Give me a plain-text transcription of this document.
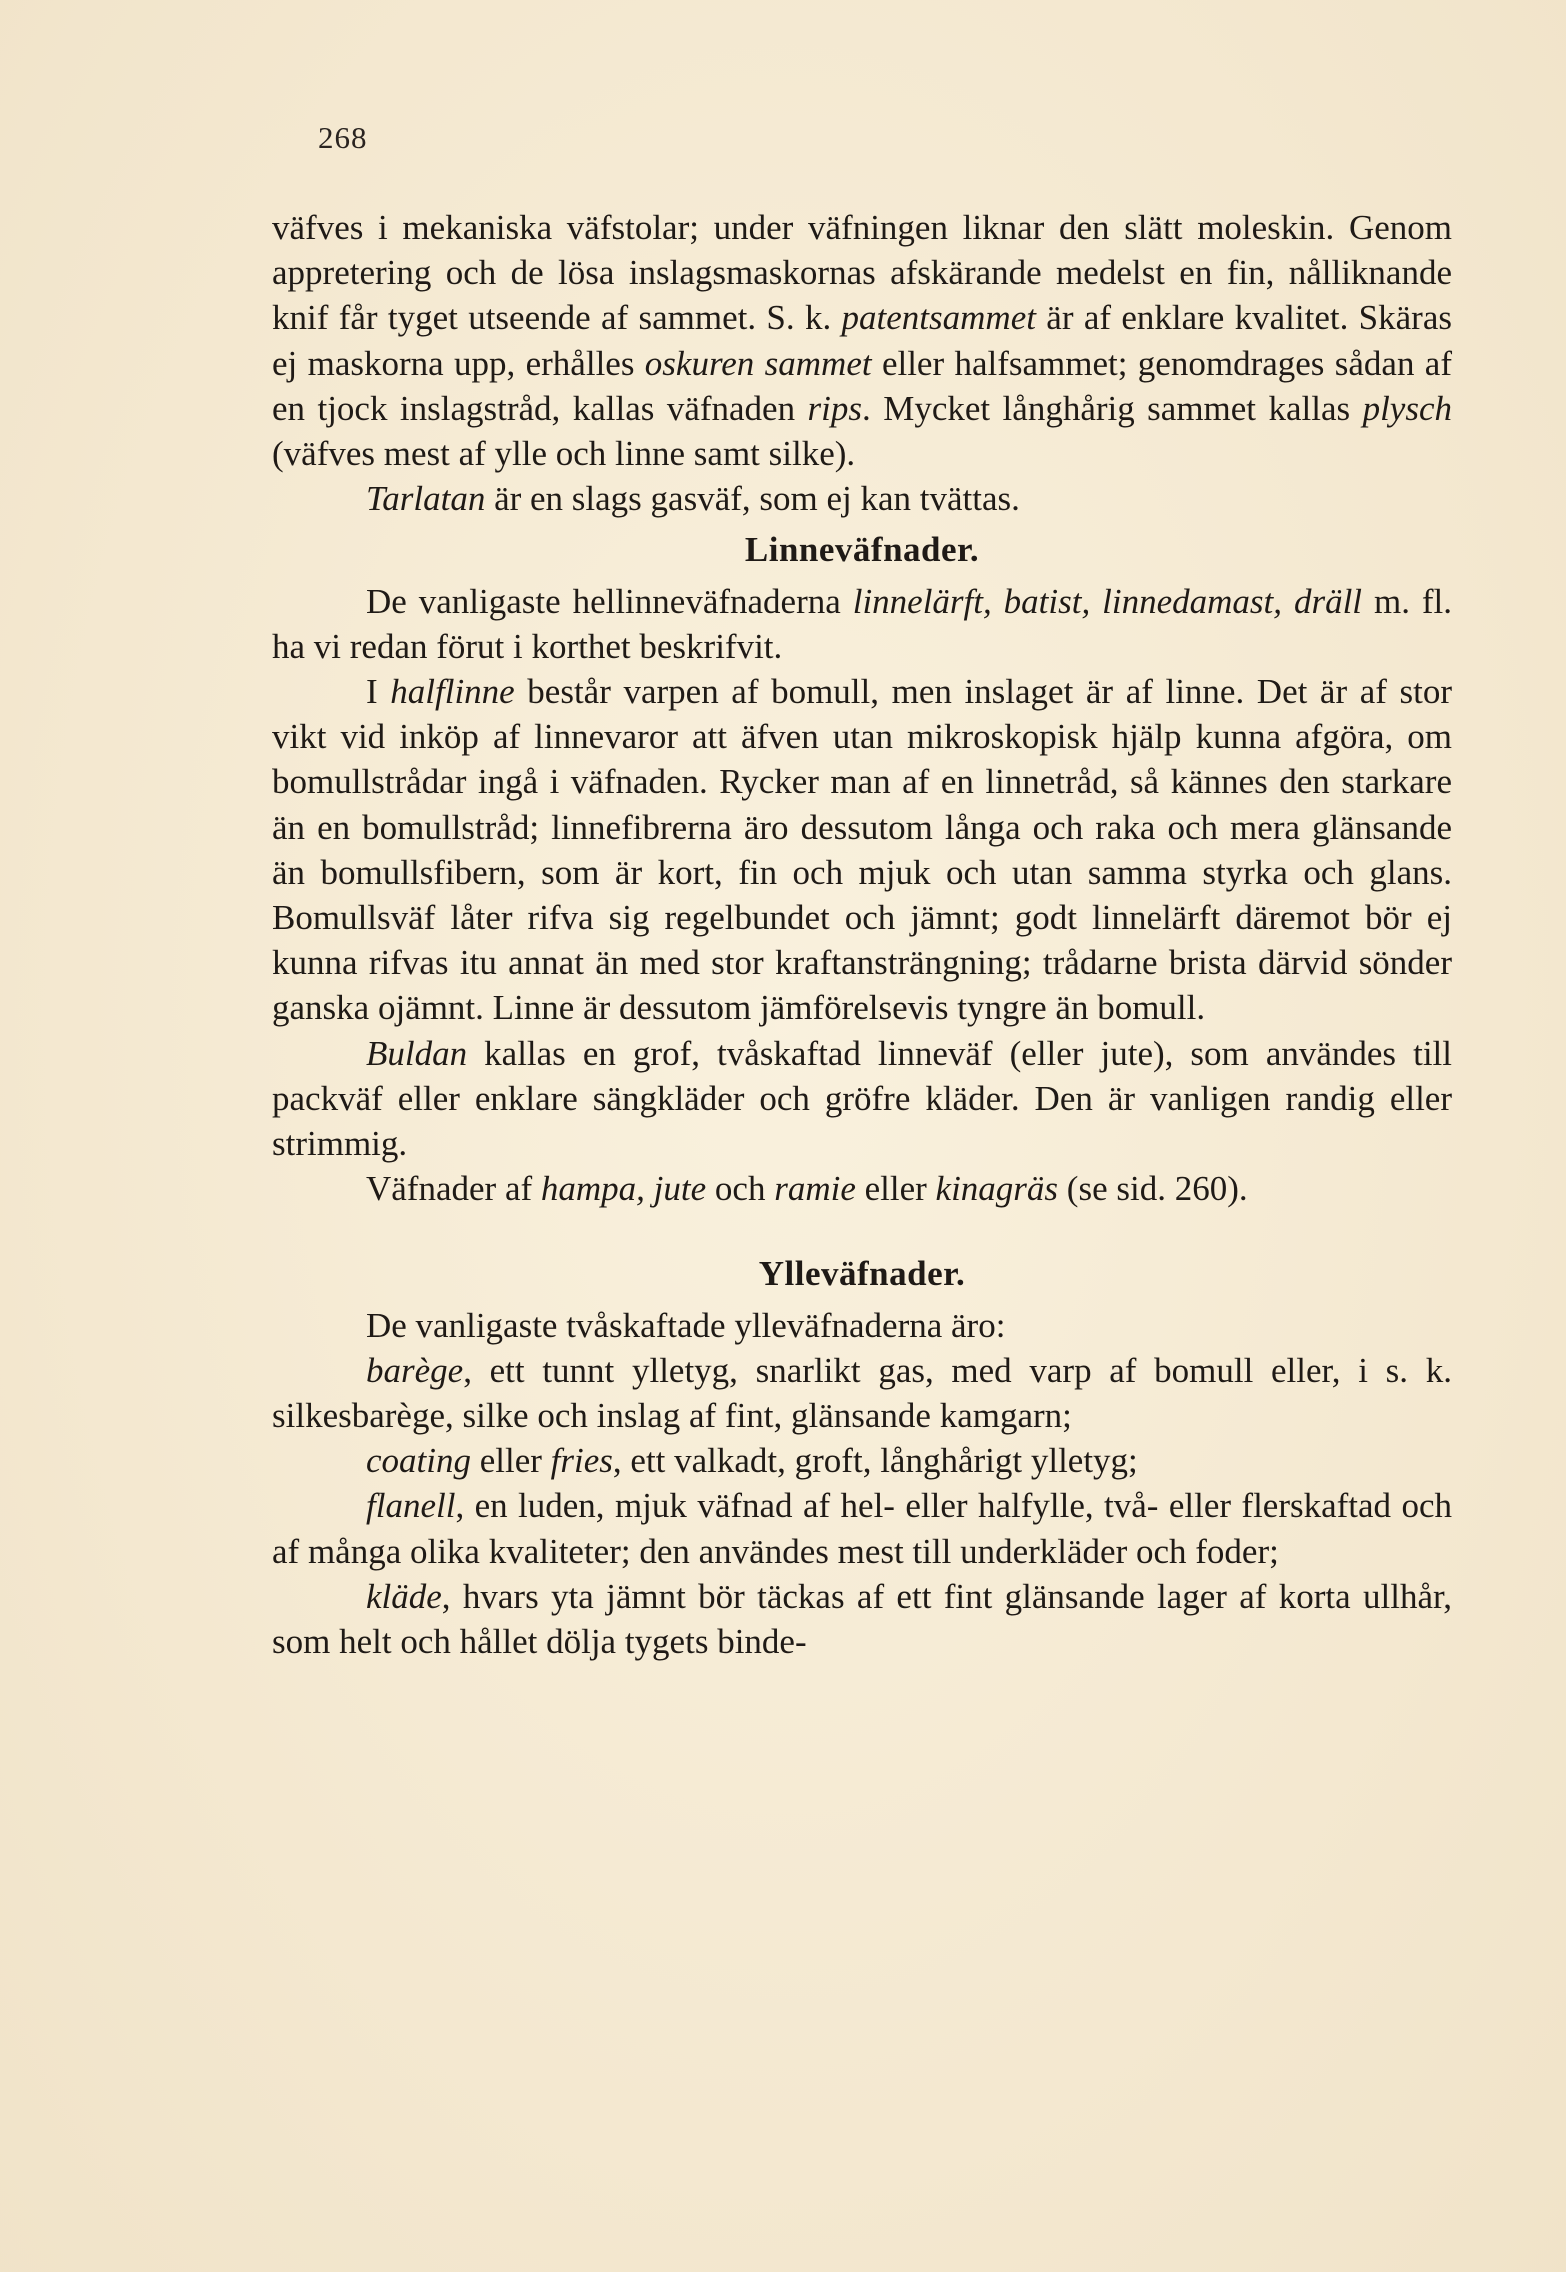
268

väfves i mekaniska väfstolar; under väfningen liknar den slätt moleskin. Genom appretering och de lösa inslagsmaskornas afskärande medelst en fin, nålliknande knif får tyget utseende af sammet. S. k. patentsammet är af enklare kvalitet. Skäras ej maskorna upp, erhålles oskuren sammet eller halfsammet; genomdrages sådan af en tjock inslagstråd, kallas väfnaden rips. Mycket långhårig sammet kallas plysch (väfves mest af ylle och linne samt silke).

Tarlatan är en slags gasväf, som ej kan tvättas.

Linneväfnader.

De vanligaste hellinneväfnaderna linnelärft, batist, linnedamast, dräll m. fl. ha vi redan förut i korthet beskrifvit.

I halflinne består varpen af bomull, men inslaget är af linne. Det är af stor vikt vid inköp af linnevaror att äfven utan mikroskopisk hjälp kunna afgöra, om bomullstrådar ingå i väfnaden. Rycker man af en linnetråd, så kännes den starkare än en bomullstråd; linnefibrerna äro dessutom långa och raka och mera glänsande än bomullsfibern, som är kort, fin och mjuk och utan samma styrka och glans. Bomullsväf låter rifva sig regelbundet och jämnt; godt linnelärft däremot bör ej kunna rifvas itu annat än med stor kraftansträngning; trådarne brista därvid sönder ganska ojämnt. Linne är dessutom jämförelsevis tyngre än bomull.

Buldan kallas en grof, tvåskaftad linneväf (eller jute), som användes till packväf eller enklare sängkläder och gröfre kläder. Den är vanligen randig eller strimmig.

Väfnader af hampa, jute och ramie eller kinagräs (se sid. 260).

Ylleväfnader.

De vanligaste tvåskaftade ylleväfnaderna äro:

barège, ett tunnt ylletyg, snarlikt gas, med varp af bomull eller, i s. k. silkesbarège, silke och inslag af fint, glänsande kamgarn;

coating eller fries, ett valkadt, groft, långhårigt ylletyg;

flanell, en luden, mjuk väfnad af hel- eller halfylle, två- eller flerskaftad och af många olika kvaliteter; den användes mest till underkläder och foder;

kläde, hvars yta jämnt bör täckas af ett fint glänsande lager af korta ullhår, som helt och hållet dölja tygets binde-
